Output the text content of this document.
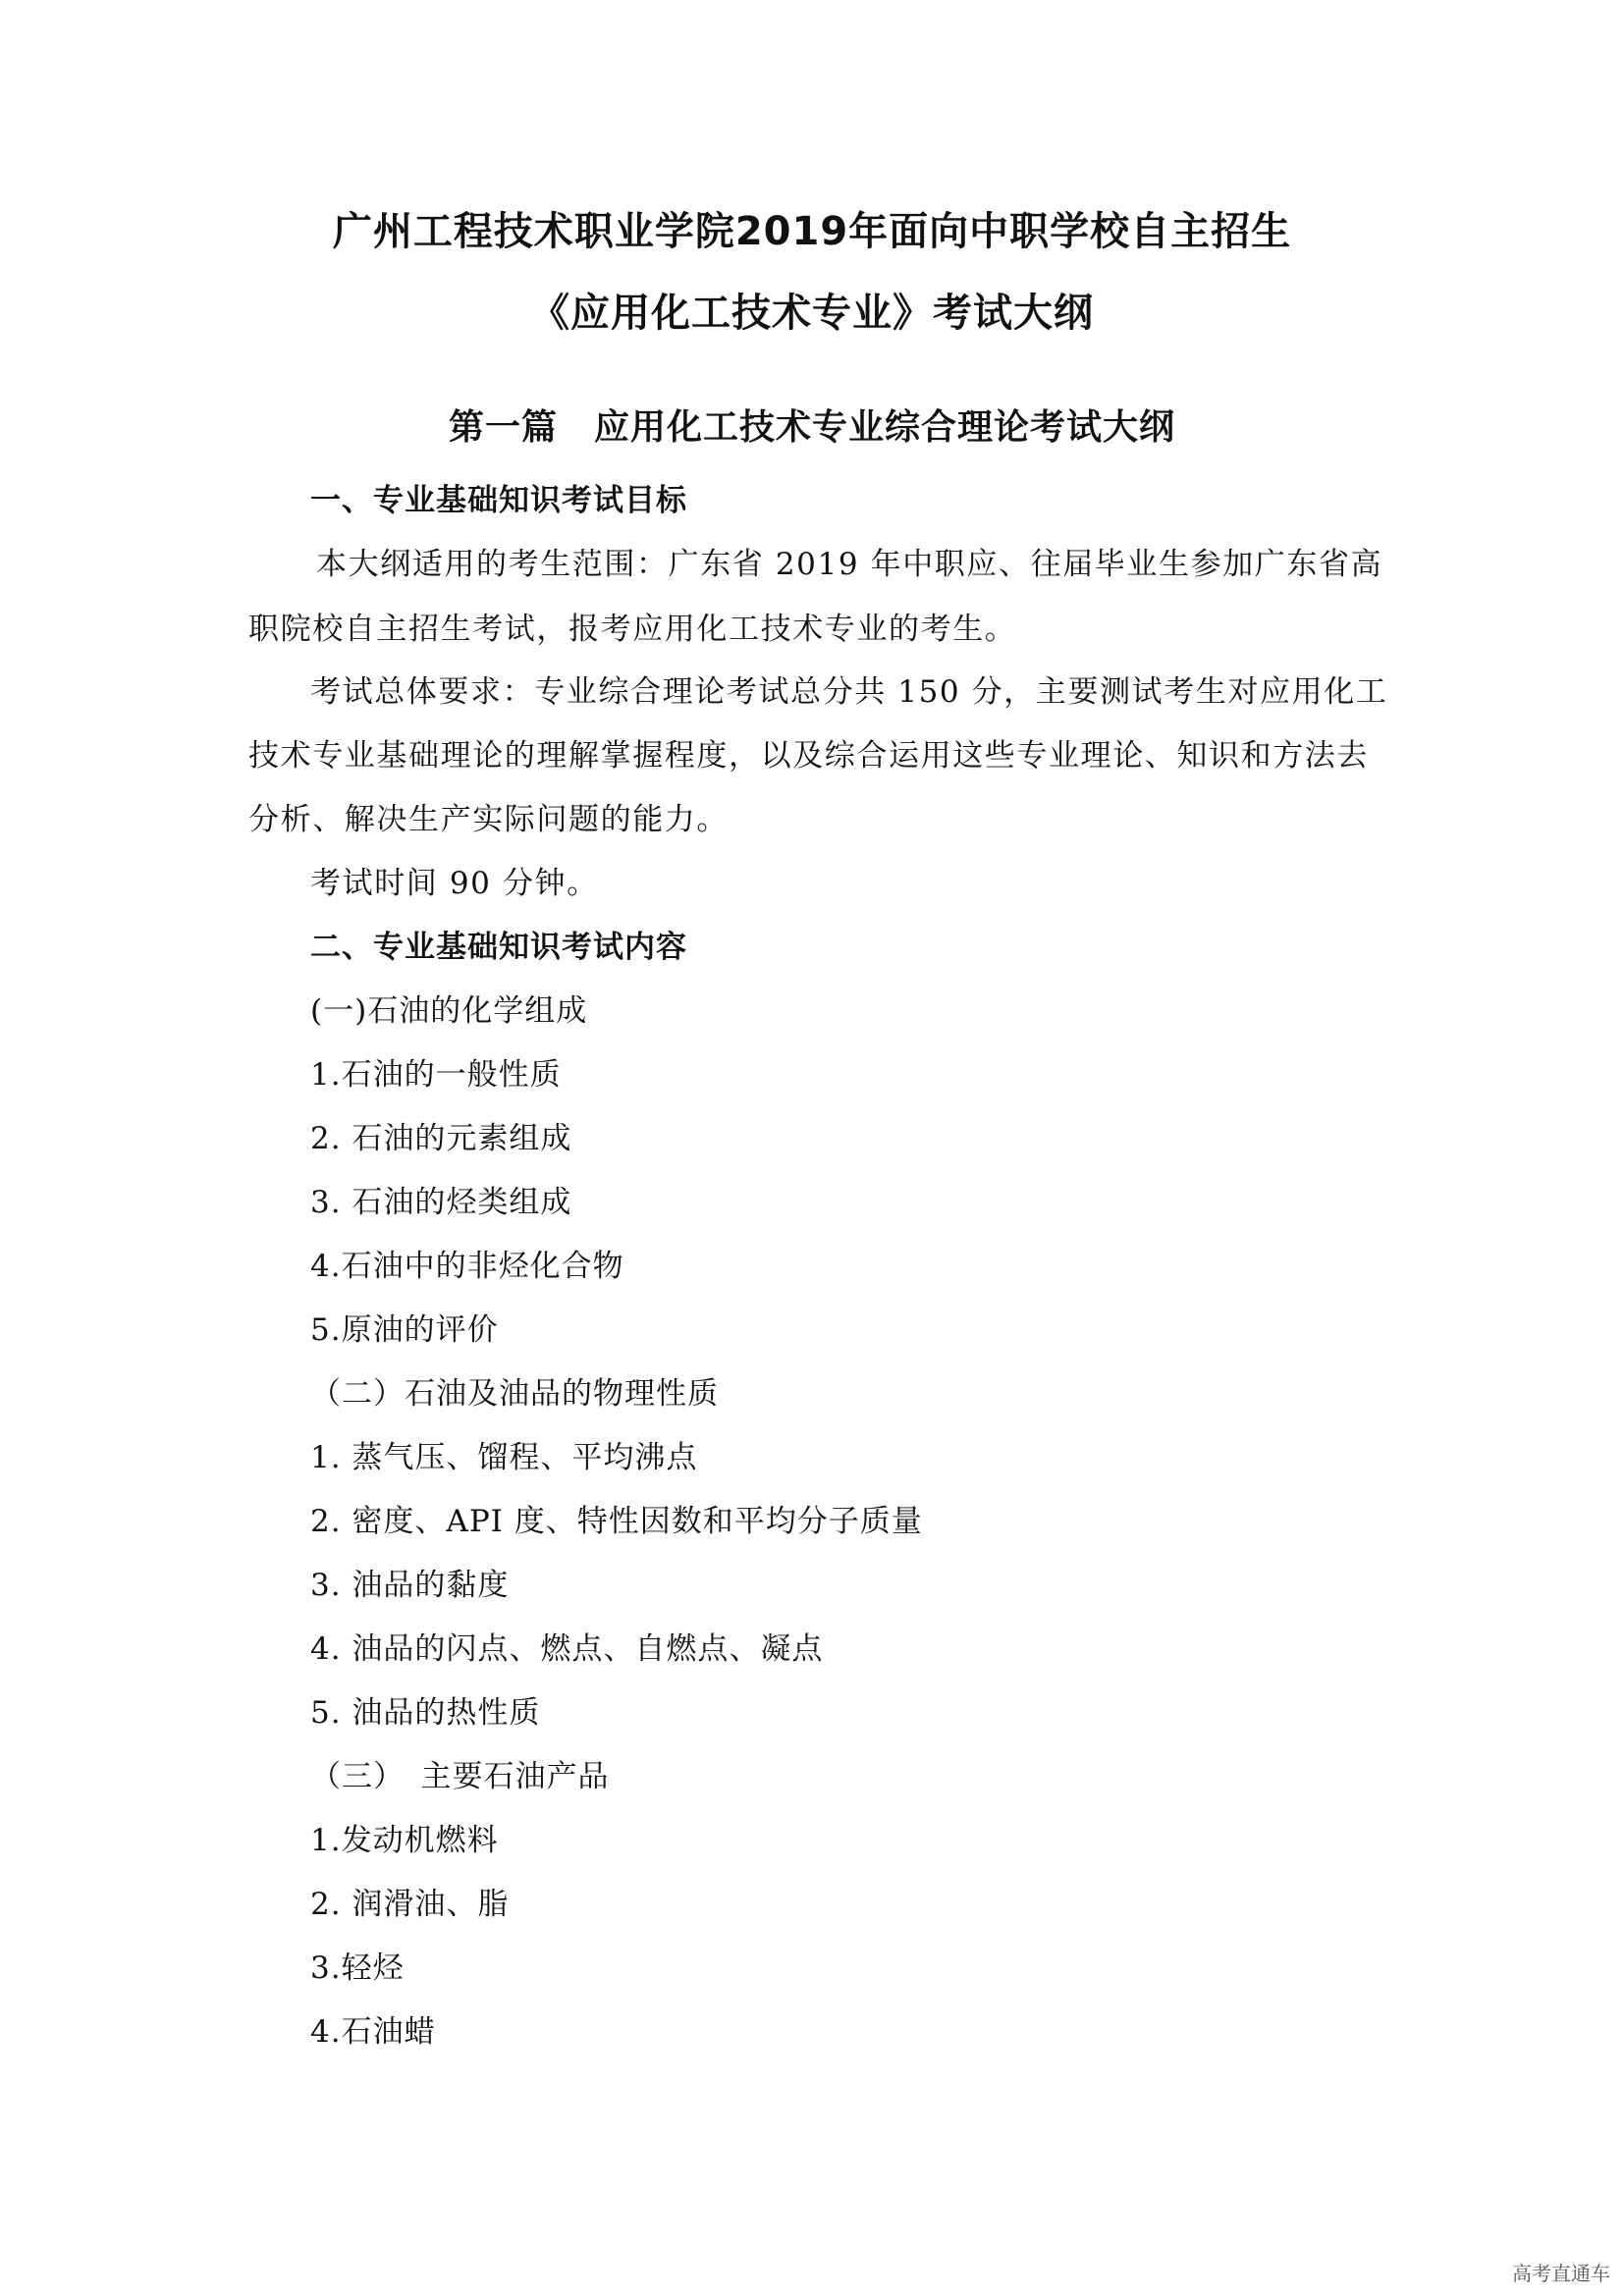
广州工程技术职业学院2019年面向中职学校自主招生
《应用化工技术专业》考试大纲
第一篇　应用化工技术专业综合理论考试大纲
一、专业基础知识考试目标
本大纲适用的考生范围：广东省 2019 年中职应、往届毕业生参加广东省高
职院校自主招生考试，报考应用化工技术专业的考生。
考试总体要求：专业综合理论考试总分共 150 分，主要测试考生对应用化工
技术专业基础理论的理解掌握程度，以及综合运用这些专业理论、知识和方法去
分析、解决生产实际问题的能力。
考试时间 90 分钟。
二、专业基础知识考试内容
(一)石油的化学组成
1.石油的一般性质
2. 石油的元素组成
3. 石油的烃类组成
4.石油中的非烃化合物
5.原油的评价
（二）石油及油品的物理性质
1. 蒸气压、馏程、平均沸点
2. 密度、API 度、特性因数和平均分子质量
3. 油品的黏度
4. 油品的闪点、燃点、自燃点、凝点
5. 油品的热性质
（三）　主要石油产品
1.发动机燃料
2. 润滑油、脂
3.轻烃
4.石油蜡
高考直通车
